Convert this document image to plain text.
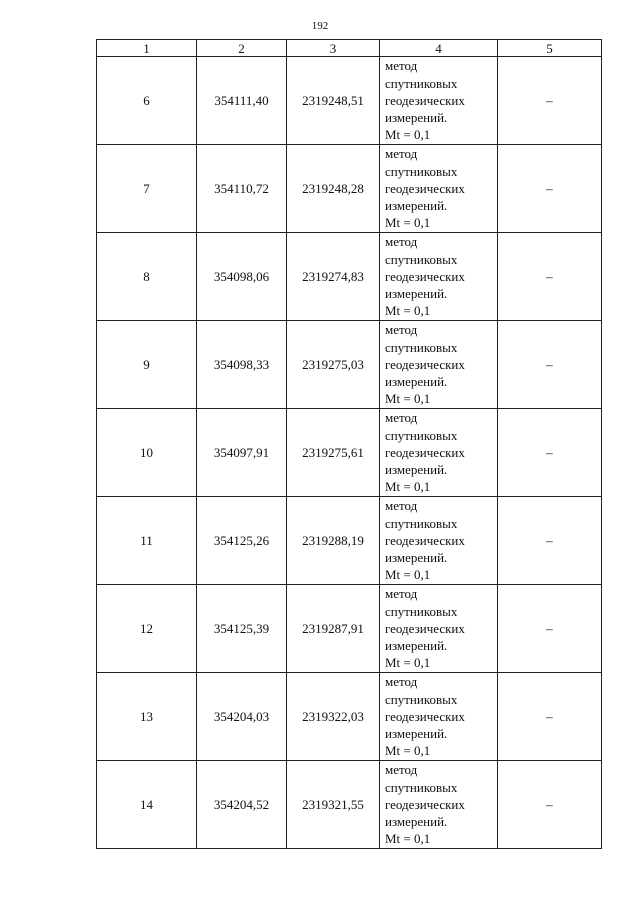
192
1	2	3	4	5
6	354111,40	2319248,51	метод
спутниковых
геодезических
измерений.
Mt = 0,1	–
7	354110,72	2319248,28	метод
спутниковых
геодезических
измерений.
Mt = 0,1	–
8	354098,06	2319274,83	метод
спутниковых
геодезических
измерений.
Mt = 0,1	–
9	354098,33	2319275,03	метод
спутниковых
геодезических
измерений.
Mt = 0,1	–
10	354097,91	2319275,61	метод
спутниковых
геодезических
измерений.
Mt = 0,1	–
11	354125,26	2319288,19	метод
спутниковых
геодезических
измерений.
Mt = 0,1	–
12	354125,39	2319287,91	метод
спутниковых
геодезических
измерений.
Mt = 0,1	–
13	354204,03	2319322,03	метод
спутниковых
геодезических
измерений.
Mt = 0,1	–
14	354204,52	2319321,55	метод
спутниковых
геодезических
измерений.
Mt = 0,1	–
